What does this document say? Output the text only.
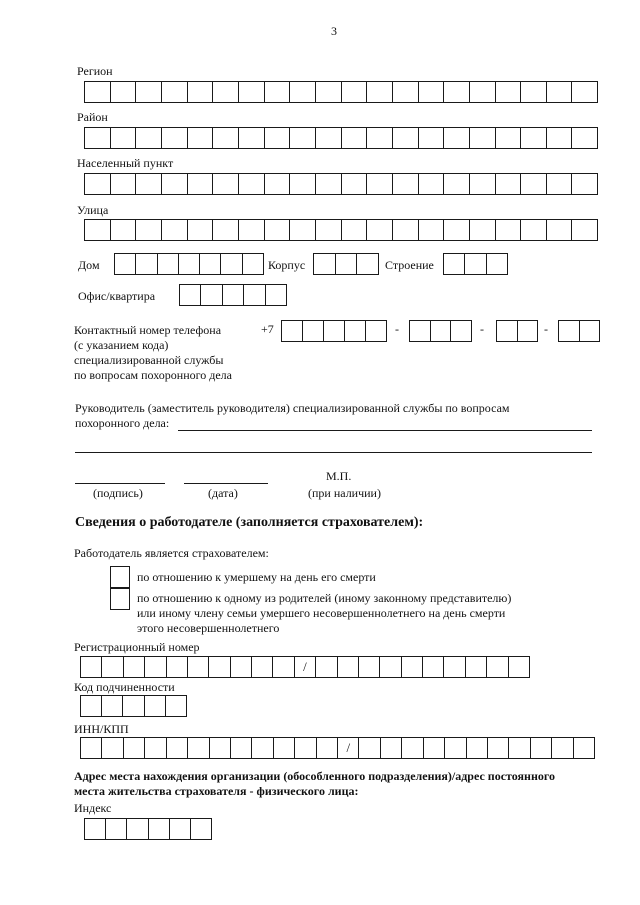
3
Регион
Район
Населенный пункт
Улица
Дом	Корпус	Строение
Офис/квартира
Контактный номер телефона
(с указанием кода)
специализированной службы
по вопросам похоронного дела
+7	-	-	-
Руководитель (заместитель руководителя) специализированной службы по вопросам
похоронного дела:
(подпись)	(дата)
М.П.
(при наличии)
Сведения о работодателе (заполняется страхователем):
Работодатель является страхователем:
по отношению к умершему на день его смерти
по отношению к одному из родителей (иному законному представителю)
или иному члену семьи умершего несовершеннолетнего на день смерти
этого несовершеннолетнего
Регистрационный номер
/
Код подчиненности
ИНН/КПП
/
Адрес места нахождения организации (обособленного подразделения)/адрес постоянного
места жительства страхователя - физического лица:
Индекс
